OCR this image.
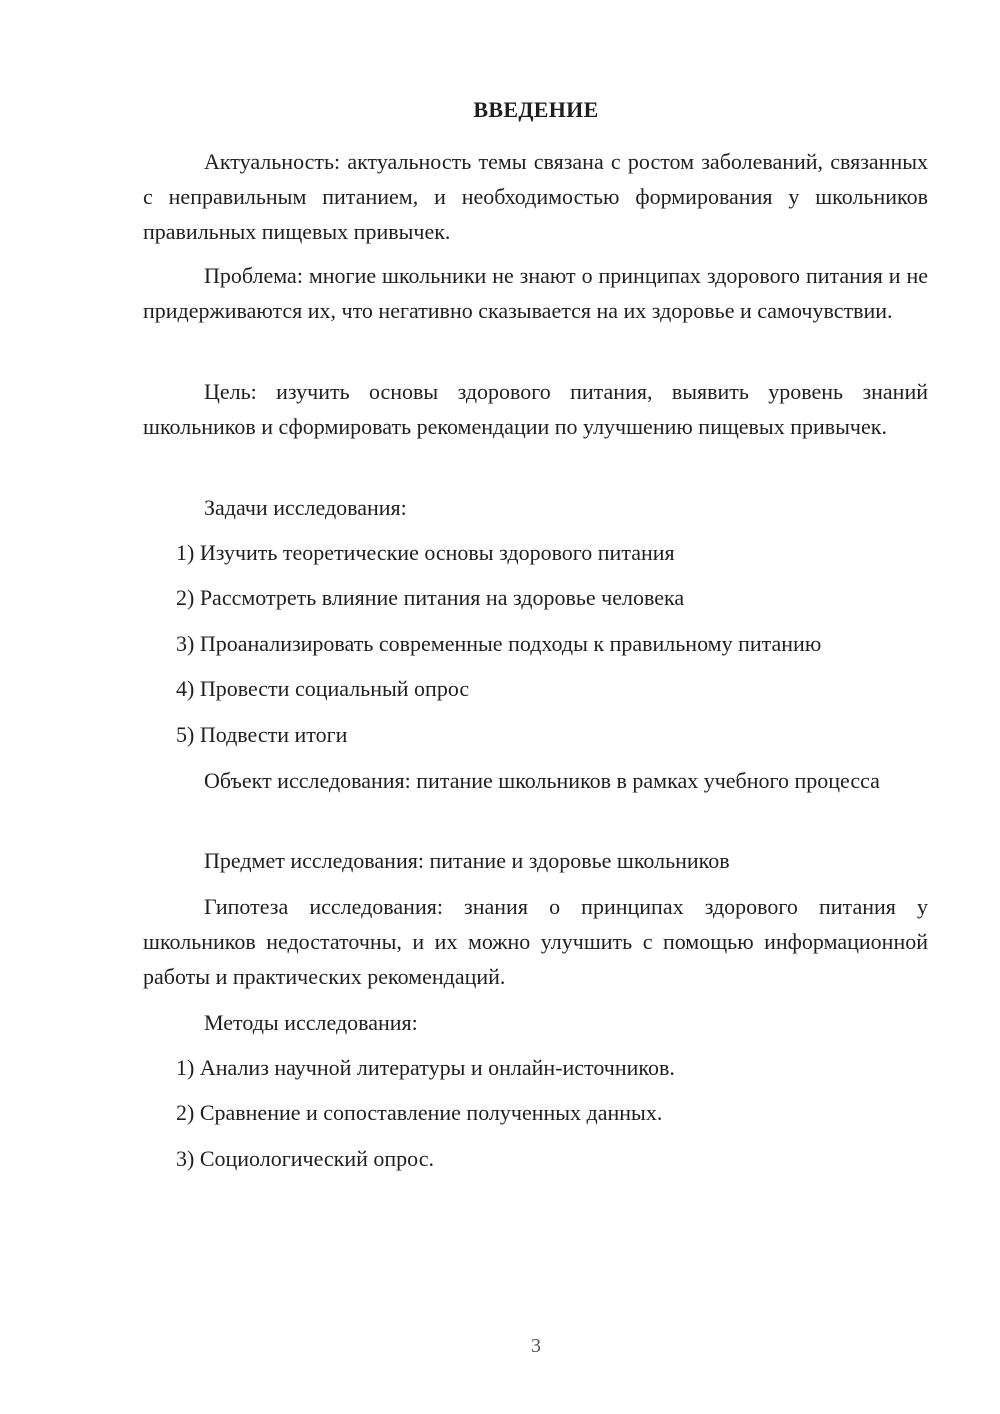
ВВЕДЕНИЕ

Актуальность: актуальность темы связана с ростом заболеваний, связанных с неправильным питанием, и необходимостью формирования у школьников правильных пищевых привычек.

Проблема: многие школьники не знают о принципах здорового питания и не придерживаются их, что негативно сказывается на их здоровье и самочувствии.

Цель: изучить основы здорового питания, выявить уровень знаний школьников и сформировать рекомендации по улучшению пищевых привычек.

Задачи исследования:

1) Изучить теоретические основы здорового питания

2) Рассмотреть влияние питания на здоровье человека

3) Проанализировать современные подходы к правильному питанию

4) Провести социальный опрос

5) Подвести итоги

Объект исследования: питание школьников в рамках учебного процесса

Предмет исследования: питание и здоровье школьников

Гипотеза исследования: знания о принципах здорового питания у школьников недостаточны, и их можно улучшить с помощью информационной работы и практических рекомендаций.

Методы исследования:

1) Анализ научной литературы и онлайн-источников.

2) Сравнение и сопоставление полученных данных.

3) Социологический опрос.

3
